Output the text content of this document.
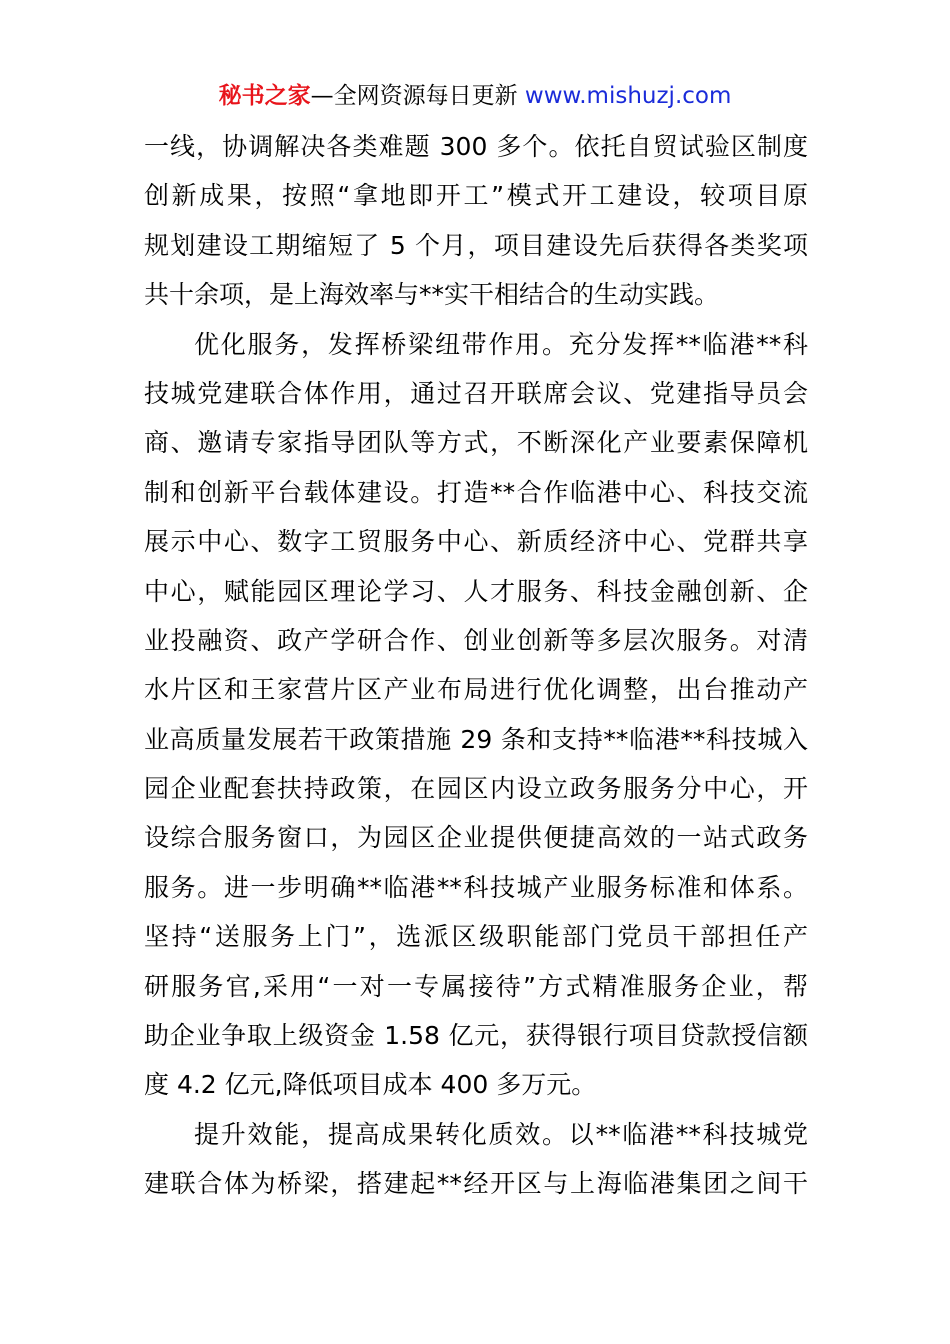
秘书之家—全网资源每日更新 www.mishuzj.com
一线，协调解决各类难题 300 多个。依托自贸试验区制度
创新成果，按照“拿地即开工”模式开工建设，较项目原
规划建设工期缩短了 5 个月，项目建设先后获得各类奖项
共十余项，是上海效率与**实干相结合的生动实践。
优化服务，发挥桥梁纽带作用。充分发挥**临港**科
技城党建联合体作用，通过召开联席会议、党建指导员会
商、邀请专家指导团队等方式，不断深化产业要素保障机
制和创新平台载体建设。打造**合作临港中心、科技交流
展示中心、数字工贸服务中心、新质经济中心、党群共享
中心，赋能园区理论学习、人才服务、科技金融创新、企
业投融资、政产学研合作、创业创新等多层次服务。对清
水片区和王家营片区产业布局进行优化调整，出台推动产
业高质量发展若干政策措施 29 条和支持**临港**科技城入
园企业配套扶持政策，在园区内设立政务服务分中心，开
设综合服务窗口，为园区企业提供便捷高效的一站式政务
服务。进一步明确**临港**科技城产业服务标准和体系。
坚持“送服务上门”，选派区级职能部门党员干部担任产
研服务官,采用“一对一专属接待”方式精准服务企业，帮
助企业争取上级资金 1.58 亿元，获得银行项目贷款授信额
度 4.2 亿元,降低项目成本 400 多万元。
提升效能，提高成果转化质效。以**临港**科技城党
建联合体为桥梁，搭建起**经开区与上海临港集团之间干
